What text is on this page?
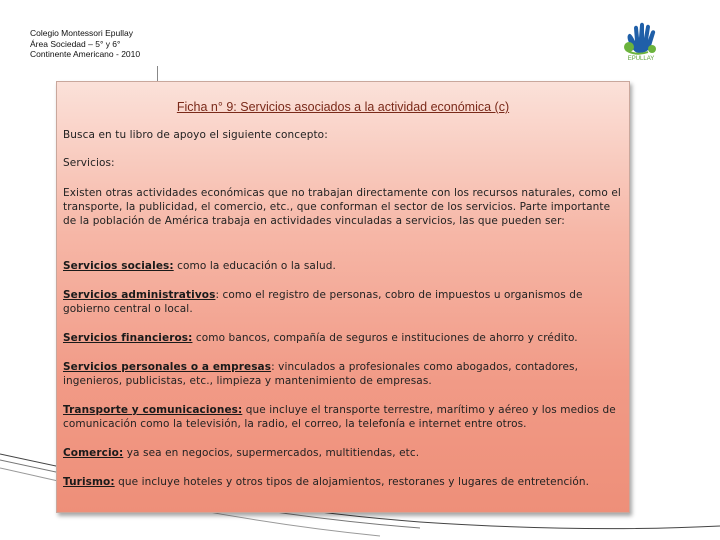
Colegio Montessori Epullay
Área Sociedad – 5° y 6°
Continente Americano - 2010	EPULLAY
Ficha n° 9: Servicios asociados a la actividad económica (c)
Busca en tu libro de apoyo el siguiente concepto:
Servicios:
Existen otras actividades económicas que no trabajan directamente con los recursos naturales, como el transporte, la publicidad, el comercio, etc., que conforman el sector de los servicios. Parte importante de la población de América trabaja en actividades vinculadas a servicios, las que pueden ser:
Servicios sociales: como la educación o la salud.
Servicios administrativos: como el registro de personas, cobro de impuestos u organismos de gobierno central o local.
Servicios financieros: como bancos, compañía de seguros e instituciones de ahorro y crédito.
Servicios personales o a empresas: vinculados a profesionales como abogados, contadores, ingenieros, publicistas, etc., limpieza y mantenimiento de empresas.
Transporte y comunicaciones: que incluye el transporte terrestre, marítimo y aéreo y los medios de comunicación como la televisión, la radio, el correo, la telefonía e internet entre otros.
Comercio: ya sea en negocios, supermercados, multitiendas, etc.
Turismo: que incluye hoteles y otros tipos de alojamientos, restoranes y lugares de entretención.
